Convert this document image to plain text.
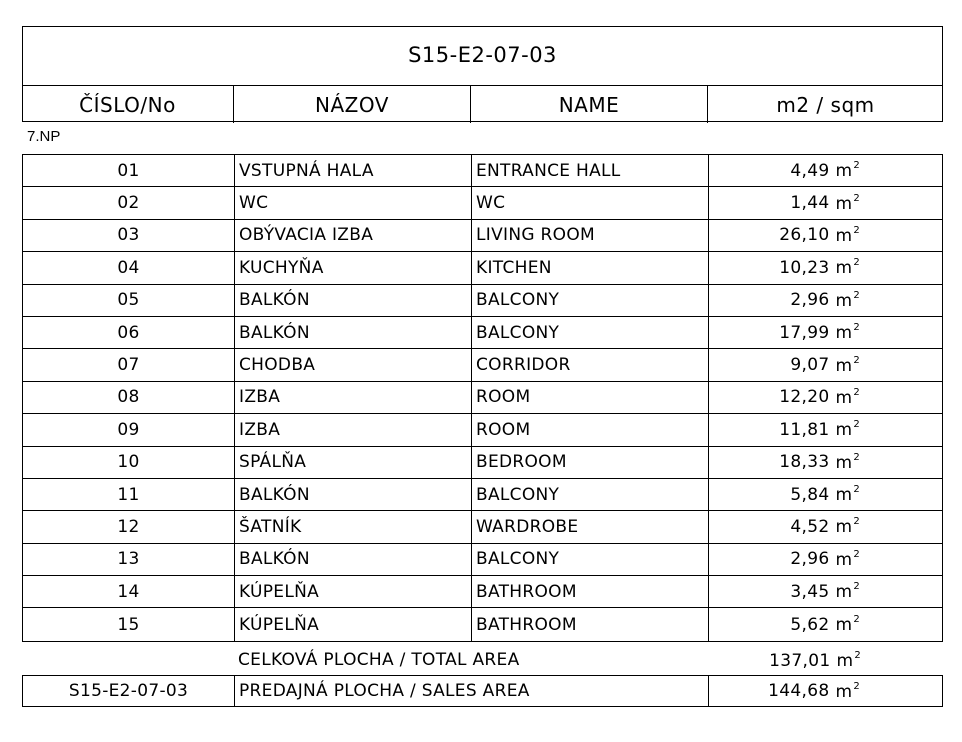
S15-E2-07-03
ČÍSLO/No	NÁZOV	NAME	m2 / sqm
7.NP
01	VSTUPNÁ HALA	ENTRANCE HALL	4,49 $m^2$
02	WC	WC	1,44 $m^2$
03	OBÝVACIA IZBA	LIVING ROOM	26,10 $m^2$
04	KUCHYŇA	KITCHEN	10,23 $m^2$
05	BALKÓN	BALCONY	2,96 $m^2$
06	BALKÓN	BALCONY	17,99 $m^2$
07	CHODBA	CORRIDOR	9,07 $m^2$
08	IZBA	ROOM	12,20 $m^2$
09	IZBA	ROOM	11,81 $m^2$
10	SPÁLŇA	BEDROOM	18,33 $m^2$
11	BALKÓN	BALCONY	5,84 $m^2$
12	ŠATNÍK	WARDROBE	4,52 $m^2$
13	BALKÓN	BALCONY	2,96 $m^2$
14	KÚPELŇA	BATHROOM	3,45 $m^2$
15	KÚPELŇA	BATHROOM	5,62 $m^2$
CELKOVÁ PLOCHA / TOTAL AREA	137,01 $m^2$
S15-E2-07-03	PREDAJNÁ PLOCHA / SALES AREA	144,68 $m^2$
